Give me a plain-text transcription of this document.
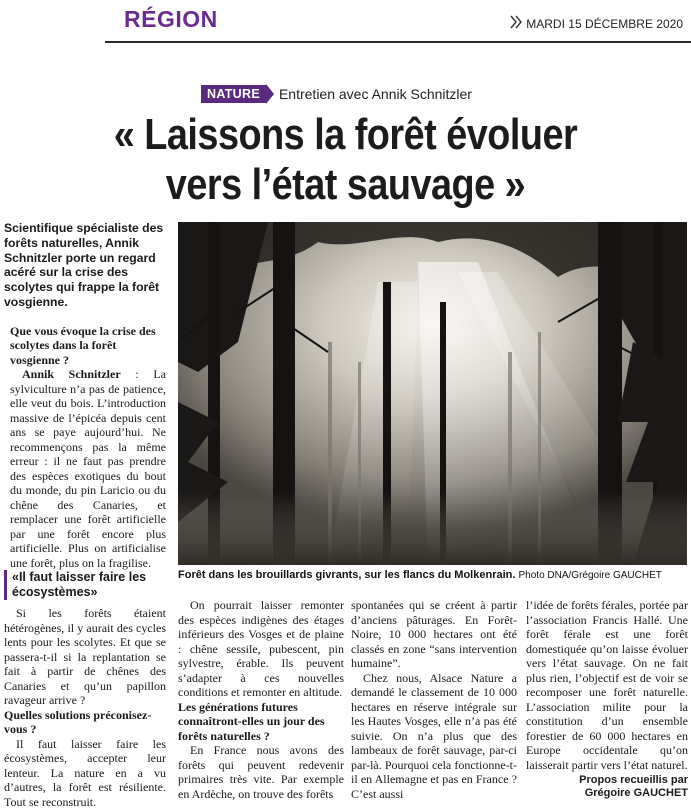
RÉGION	MARDI 15 DÉCEMBRE 2020
NATURE	Entretien avec Annik Schnitzler
« Laissons la forêt évoluer
vers l’état sauvage »

Scientifique spécialiste des forêts naturelles, Annik Schnitzler porte un regard acéré sur la crise des scolytes qui frappe la forêt vosgienne.

Que vous évoque la crise des scolytes dans la forêt vosgienne ?

Annik Schnitzler : La sylviculture n’a pas de patience, elle veut du bois. L’introduction massive de l’épicéa depuis cent ans se paye aujourd’hui. Ne recommençons pas la même erreur : il ne faut pas prendre des espèces exotiques du bout du monde, du pin Laricio ou du chêne des Canaries, et remplacer une forêt artificielle par une forêt encore plus artificielle. Plus on artificialise une forêt, plus on la fragilise.

Forêt dans les brouillards givrants, sur les flancs du Molkenrain. Photo DNA/Grégoire GAUCHET
«Il faut laisser faire les écosystèmes»

Si les forêts étaient hétérogènes, il y aurait des cycles lents pour les scolytes. Et que se passera-t-il si la replantation se fait à partir de chênes des Canaries et qu’un papillon ravageur arrive ?

Quelles solutions préconisez-vous ?

Il faut laisser faire les écosystèmes, accepter leur lenteur. La nature en a vu d’autres, la forêt est résiliente. Tout se reconstruit.

On pourrait laisser remonter des espèces indigènes des étages inférieurs des Vosges et de plaine : chêne sessile, pubescent, pin sylvestre, érable. Ils peuvent s’adapter à ces nouvelles conditions et remonter en altitude.

Les générations futures connaîtront-elles un jour des forêts naturelles ?

En France nous avons des forêts qui peuvent redevenir primaires très vite. Par exemple en Ardèche, on trouve des forêts

spontanées qui se créent à partir d’anciens pâturages. En Forêt-Noire, 10 000 hectares ont été classés en zone “sans intervention humaine”.

Chez nous, Alsace Nature a demandé le classement de 10 000 hectares en réserve intégrale sur les Hautes Vosges, elle n’a pas été suivie. On n’a plus que des lambeaux de forêt sauvage, par-ci par-là. Pourquoi cela fonctionne-t-il en Allemagne et pas en France ? C’est aussi

l’idée de forêts férales, portée par l’association Francis Hallé. Une forêt férale est une forêt domestiquée qu’on laisse évoluer vers l’état sauvage. On ne fait plus rien, l’objectif est de voir se recomposer une forêt naturelle. L’association milite pour la constitution d’un ensemble forestier de 60 000 hectares en Europe occidentale qu’on laisserait partir vers l’état naturel.

Propos recueillis par
Grégoire GAUCHET
